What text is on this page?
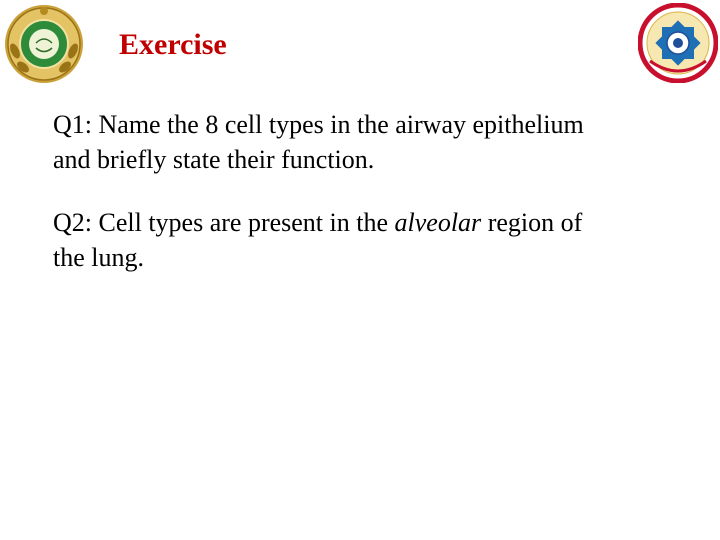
Exercise

Q1: Name the 8 cell types in the airway epithelium
and briefly state their function.

Q2: Cell types are present in the alveolar region of
the lung.
